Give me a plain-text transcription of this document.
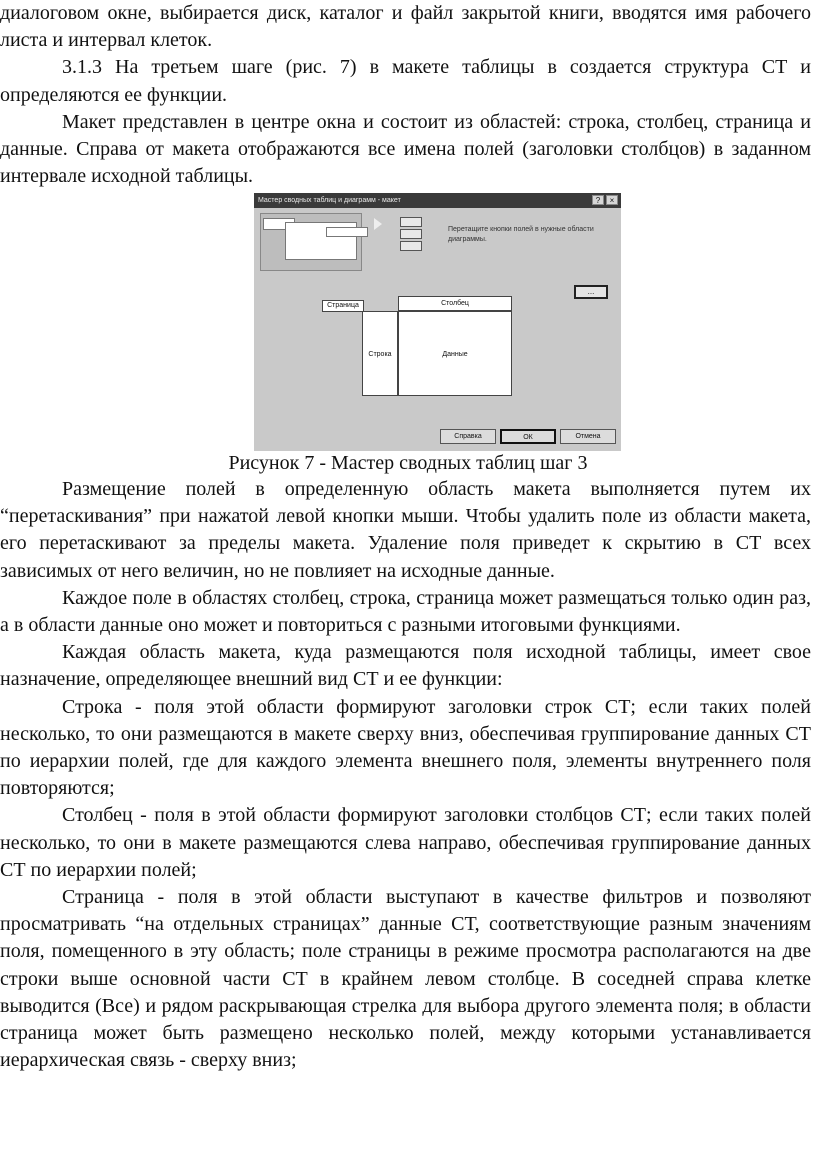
диалоговом окне, выбирается диск, каталог и файл закрытой книги, вводятся имя рабочего листа и интервал клеток.

3.1.3 На третьем шаге (рис. 7) в макете таблицы в создается структура СТ и определяются ее функции.

Макет представлен в центре окна и состоит из областей: строка, столбец, страница и данные. Справа от макета отображаются все имена полей (заголовки столбцов) в заданном интервале исходной таблицы.

Мастер сводных таблиц и диаграмм - макет	?	×
Перетащите кнопки полей в нужные области диаграммы.
...
Страница	Столбец
Строка	Данные
Справка	ОК	Отмена
Рисунок 7 - Мастер сводных таблиц шаг 3

Размещение полей в определенную область макета выполняется путем их “перетаскивания” при нажатой левой кнопки мыши. Чтобы удалить поле из области макета, его перетаскивают за пределы макета. Удаление поля приведет к скрытию в СТ всех зависимых от него величин, но не повлияет на исходные данные.

Каждое поле в областях столбец, строка, страница может размещаться только один раз, а в области данные оно может и повториться с разными итоговыми функциями.

Каждая область макета, куда размещаются поля исходной таблицы, имеет свое назначение, определяющее внешний вид СТ и ее функции:

Строка - поля этой области формируют заголовки строк СТ; если таких полей несколько, то они размещаются в макете сверху вниз, обеспечивая группирование данных СТ по иерархии полей, где для каждого элемента внешнего поля, элементы внутреннего поля повторяются;

Столбец - поля в этой области формируют заголовки столбцов СТ; если таких полей несколько, то они в макете размещаются слева направо, обеспечивая группирование данных СТ по иерархии полей;

Страница - поля в этой области выступают в качестве фильтров и позволяют просматривать “на отдельных страницах” данные СТ, соответствующие разным значениям поля, помещенного в эту область; поле страницы в режиме просмотра располагаются на две строки выше основной части СТ в крайнем левом столбце. В соседней справа клетке выводится (Все) и рядом раскрывающая стрелка для выбора другого элемента поля; в области страница может быть размещено несколько полей, между которыми устанавливается иерархическая связь - сверху вниз;
